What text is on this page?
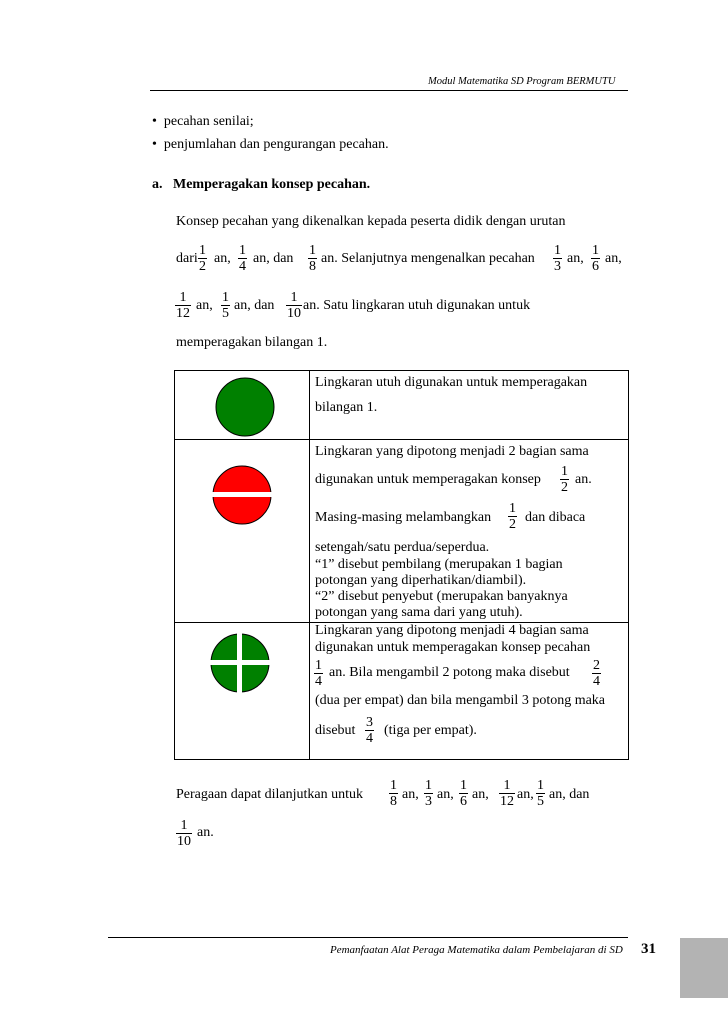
Modul Matematika SD Program BERMUTU
• pecahan senilai;
• penjumlahan dan pengurangan pecahan.
a. Memperagakan konsep pecahan.
Konsep pecahan yang dikenalkan kepada peserta didik dengan urutan
dari
1
2
an,
1
4
an, dan
1
8
an. Selanjutnya mengenalkan pecahan
1
3
an,
1
6
an,
1
12
an,
1
5
an, dan
1
10
an. Satu lingkaran utuh digunakan untuk
memperagakan bilangan 1.
Lingkaran utuh digunakan untuk memperagakan
bilangan 1.
Lingkaran yang dipotong menjadi 2 bagian sama
digunakan untuk memperagakan konsep
1
2
an.
Masing-masing melambangkan
1
2 dan dibaca
setengah/satu perdua/seperdua.
“1” disebut pembilang (merupakan 1 bagian
potongan yang diperhatikan/diambil).
“2” disebut penyebut (merupakan banyaknya
potongan yang sama dari yang utuh).
Lingkaran yang dipotong menjadi 4 bagian sama
digunakan untuk memperagakan konsep pecahan
1
4
an. Bila mengambil 2 potong maka disebut 2
4
(dua per empat) dan bila mengambil 3 potong maka
disebut
3
4
(tiga per empat).
Peragaan dapat dilanjutkan untuk
1
8 an,
1
3 an,
1
6 an,
1
12 an,
1
5 an, dan
1
10
an.
Pemanfaatan Alat Peraga Matematika dalam Pembelajaran di SD 31
